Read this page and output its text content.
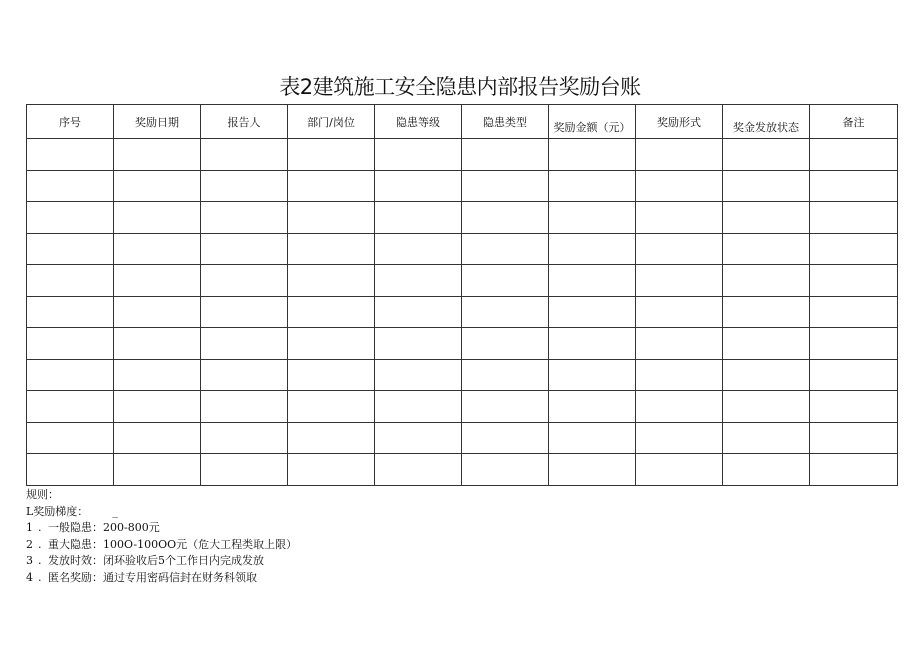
表2建筑施工安全隐患内部报告奖励台账
序号	奖励日期	报告人	部门/岗位	隐患等级	隐患类型	奖励金额（元）	奖励形式	奖金发放状态	备注

规则：
L奖励梯度： _
1 . 一般隐患：200-800元
2 . 重大隐患：100O-100OO元（危大工程类取上限）
3 . 发放时效：闭环验收后5个工作日内完成发放
4 . 匿名奖励：通过专用密码信封在财务科领取
